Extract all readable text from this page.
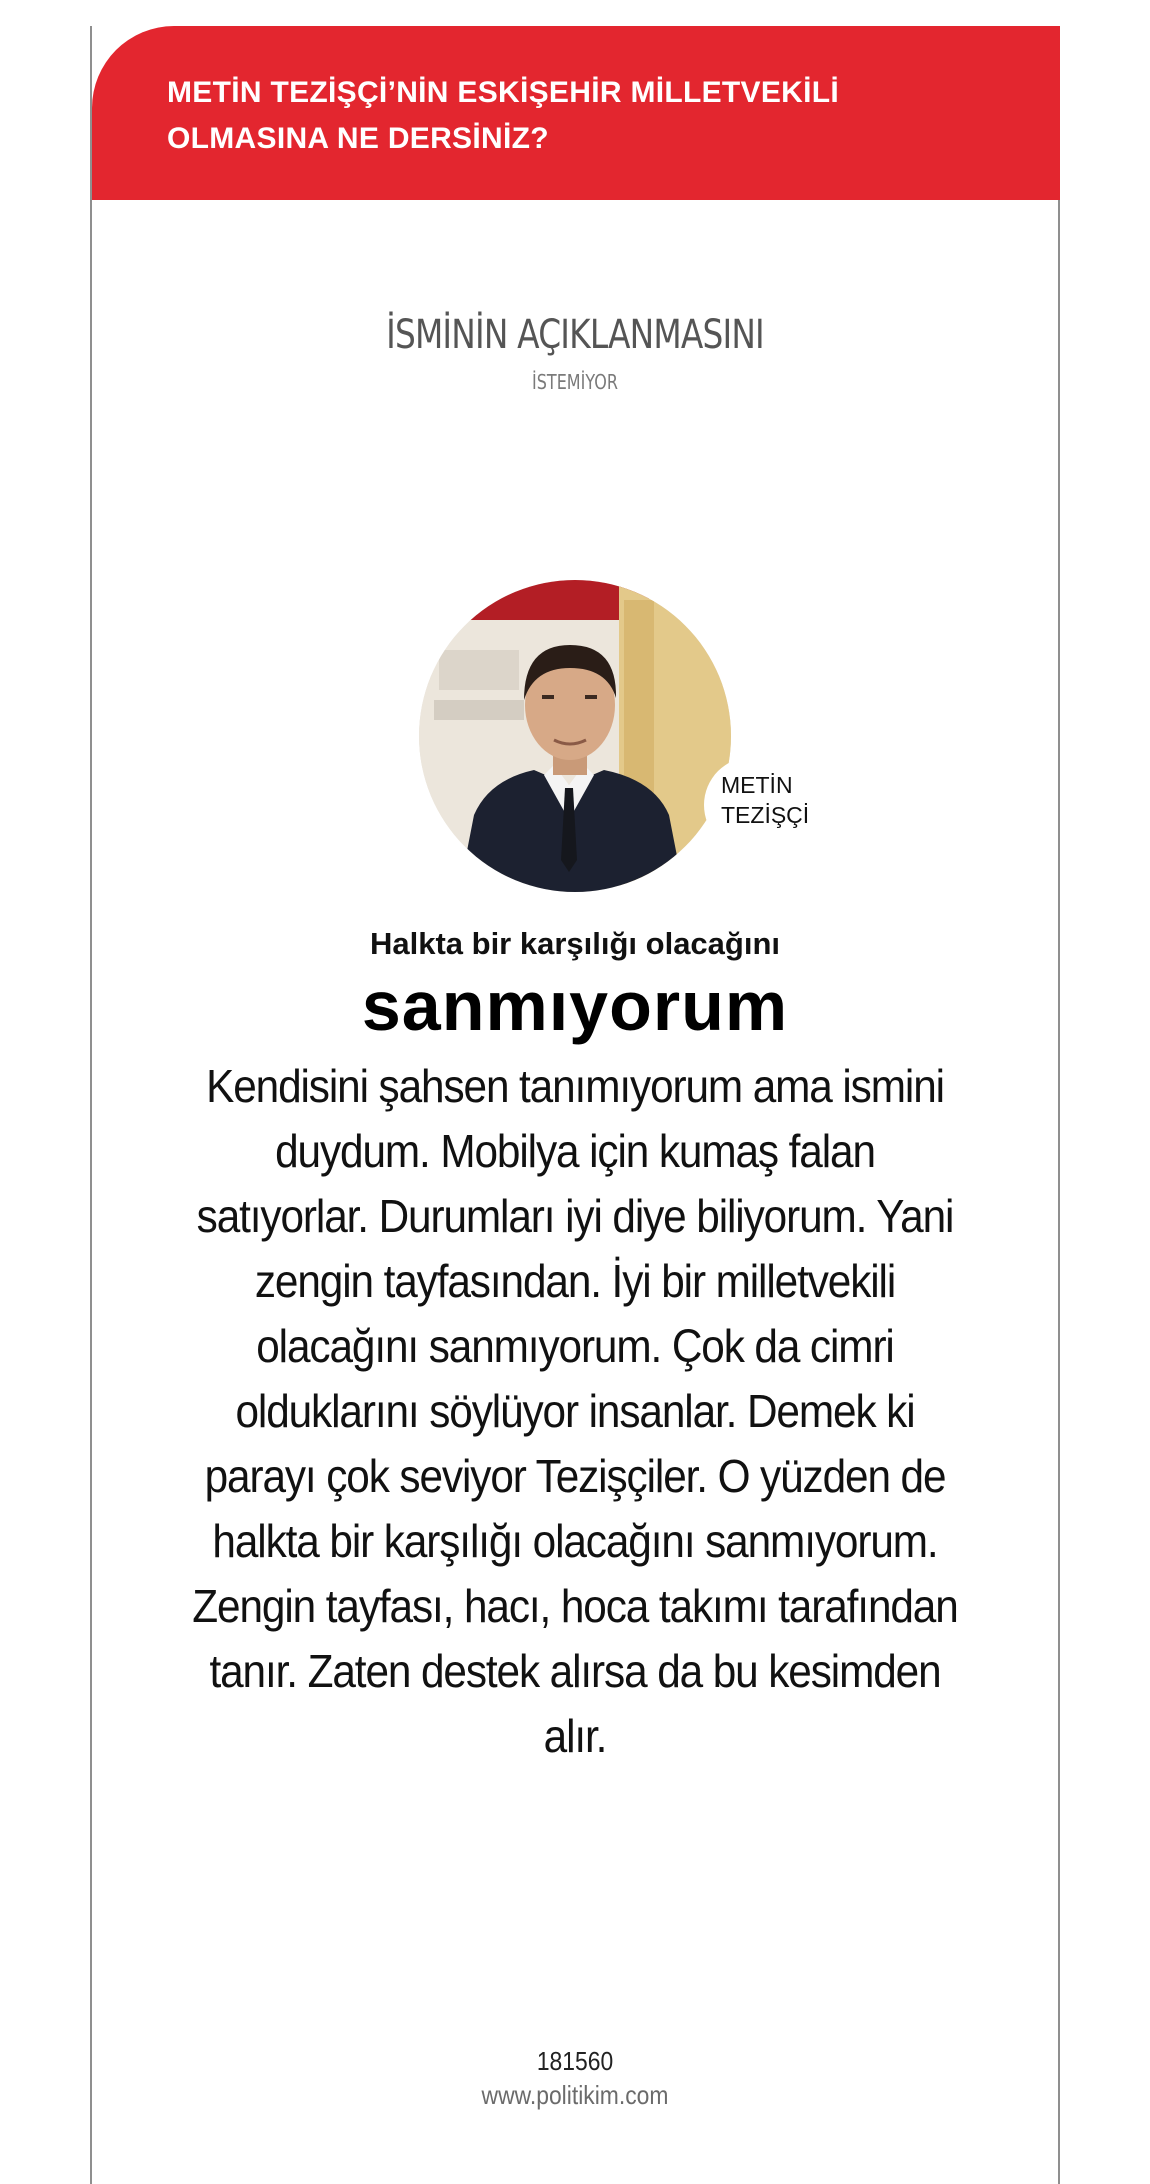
METİN TEZİŞÇİ’NİN ESKİŞEHİR MİLLETVEKİLİ
OLMASINA NE DERSİNİZ?
İSMİNİN AÇIKLANMASINI
İSTEMİYOR
METİN
TEZİŞÇİ
Halkta bir karşılığı olacağını
sanmıyorum
Kendisini şahsen tanımıyorum ama ismini duydum. Mobilya için kumaş falan satıyorlar. Durumları iyi diye biliyorum. Yani zengin tayfasından. İyi bir milletvekili olacağını sanmıyorum. Çok da cimri olduklarını söylüyor insanlar. Demek ki parayı çok seviyor Tezişçiler. O yüzden de halkta bir karşılığı olacağını sanmıyorum. Zengin tayfası, hacı, hoca takımı tarafından tanır. Zaten destek alırsa da bu kesimden alır.
181560
www.politikim.com
